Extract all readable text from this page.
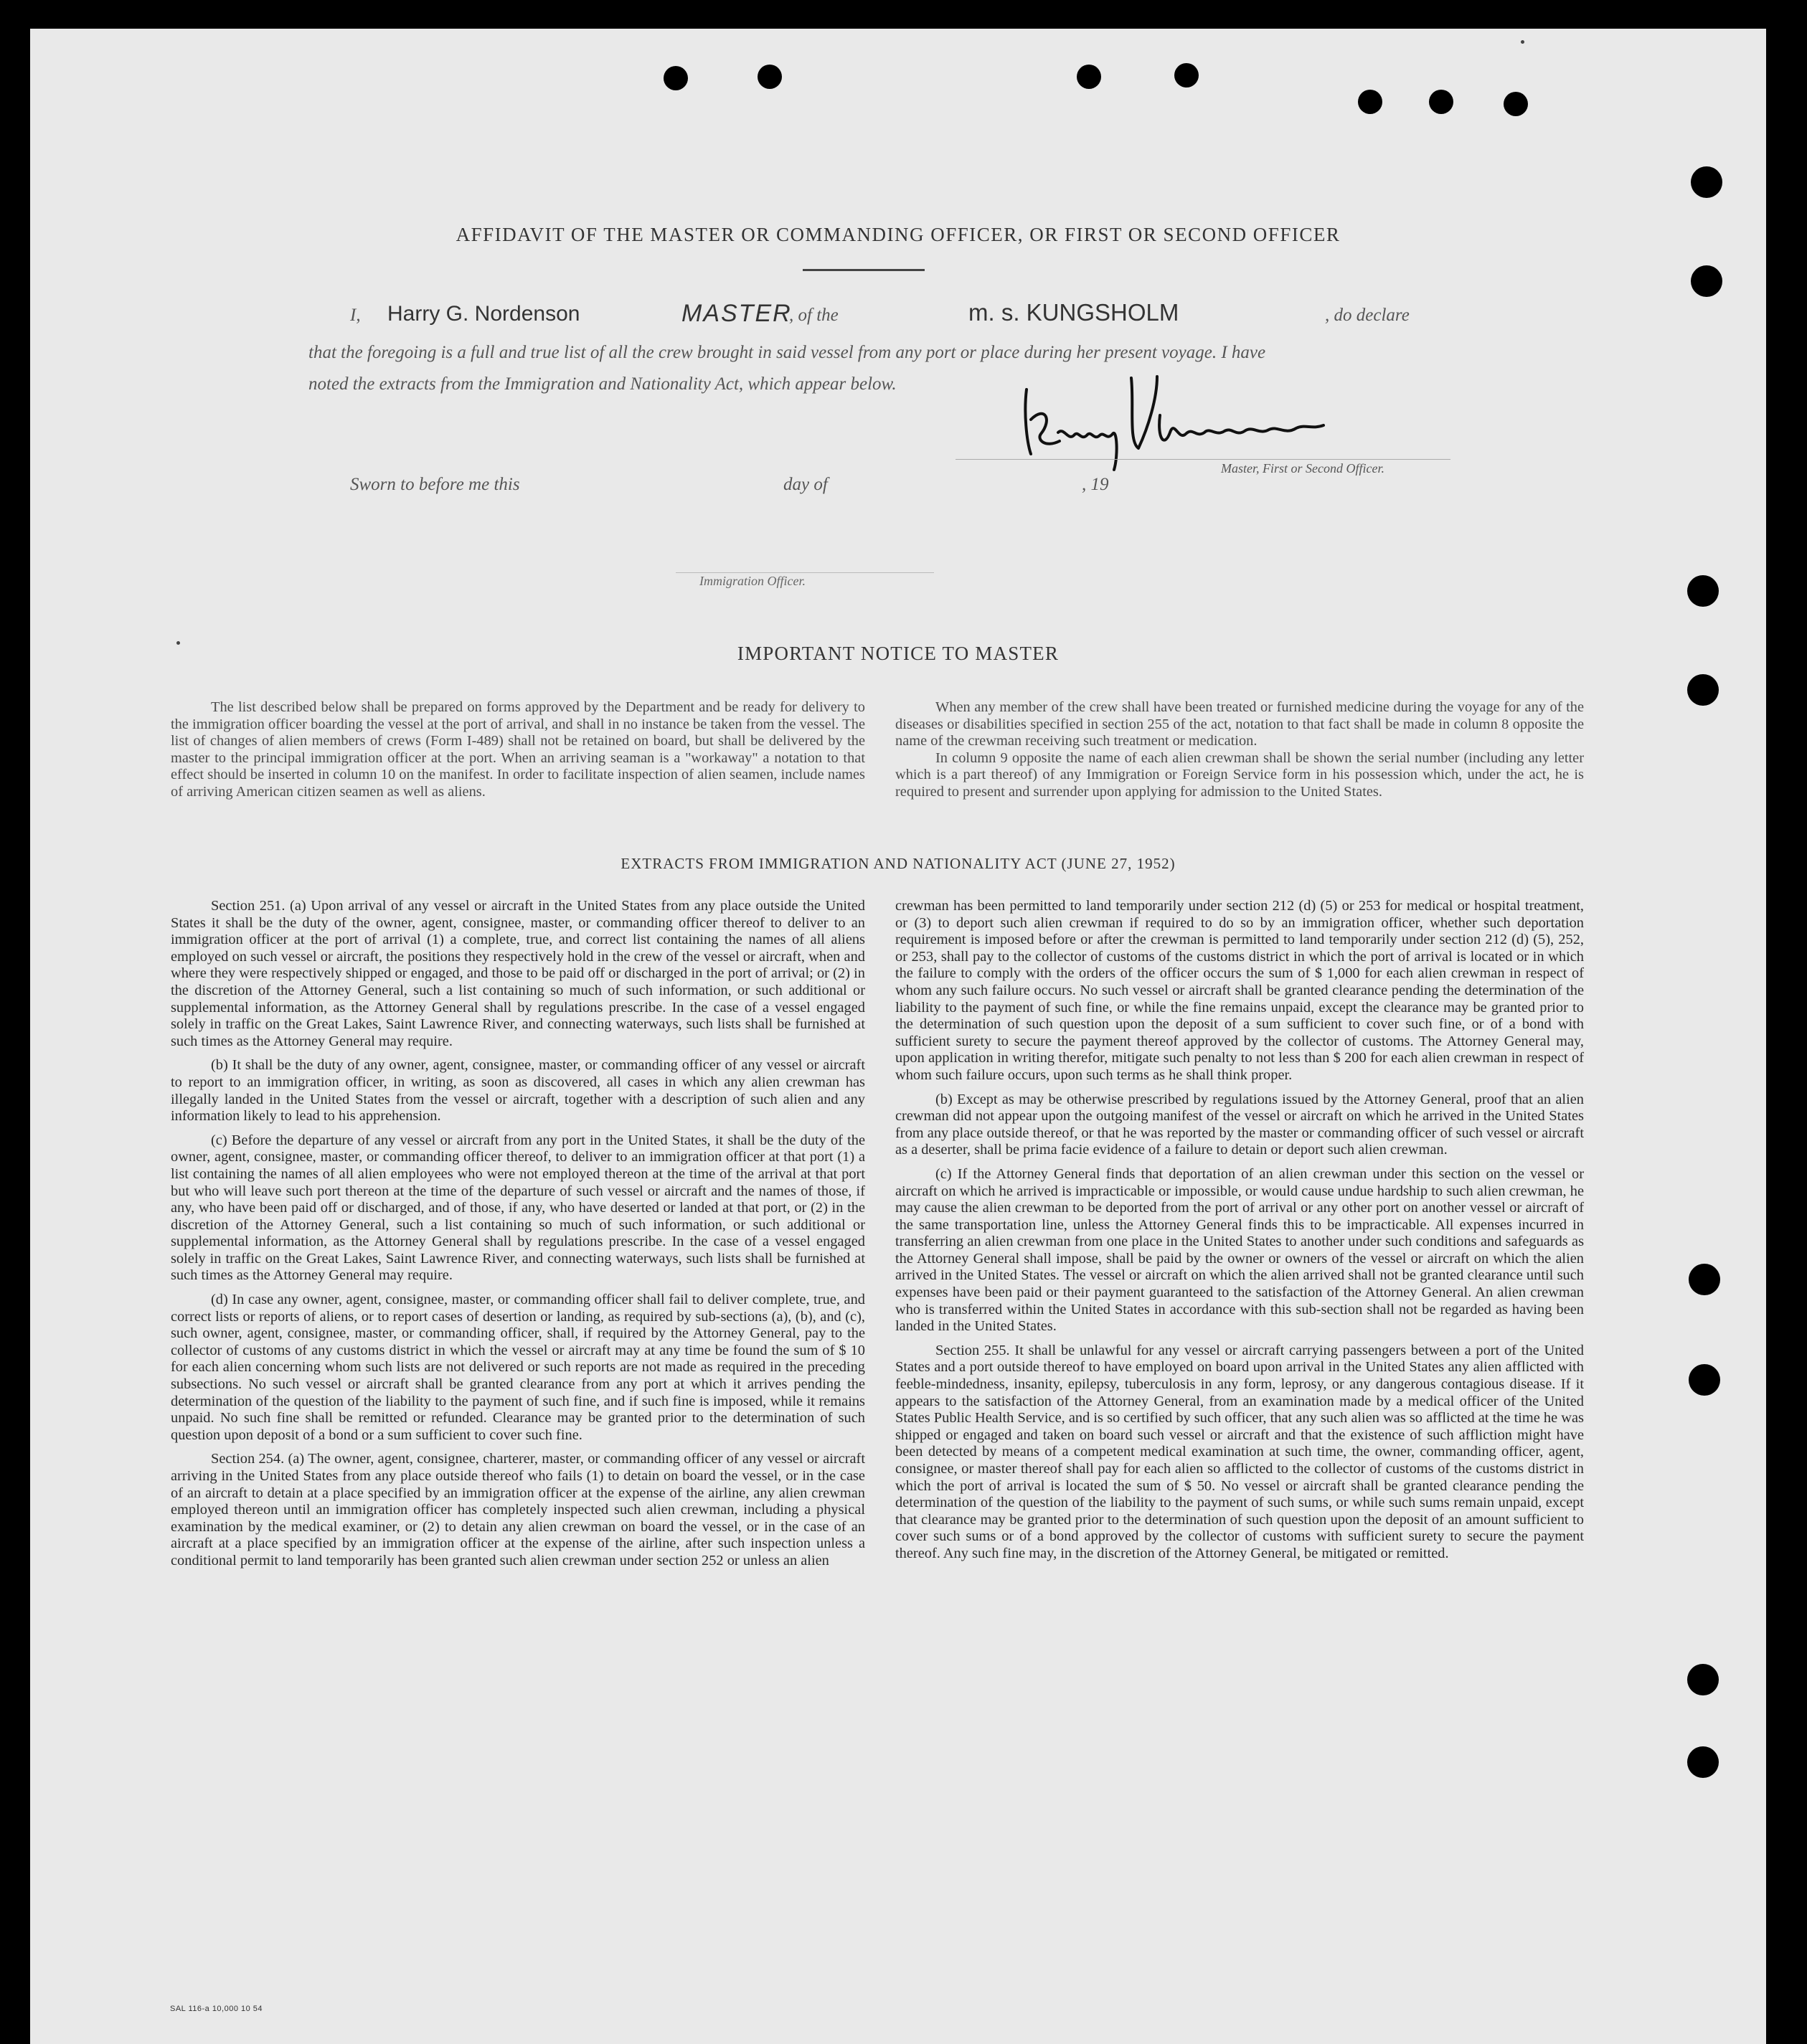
AFFIDAVIT OF THE MASTER OR COMMANDING OFFICER, OR FIRST OR SECOND OFFICER
I, Harry G. Nordenson	MASTER
, of the	m. s. KUNGSHOLM	, do declare
that the foregoing is a full and true list of all the crew brought in said vessel from any port or place during her present voyage. I have
noted the extracts from the Immigration and Nationality Act, which appear below.
Master, First or Second Officer.
Sworn to before me this	day of	, 19
Immigration Officer.
IMPORTANT NOTICE TO MASTER

The list described below shall be prepared on forms approved by the Department and be ready for delivery to the immigration officer boarding the vessel at the port of arrival, and shall in no instance be taken from the vessel. The list of changes of alien members of crews (Form I-489) shall not be retained on board, but shall be delivered by the master to the principal immigration officer at the port. When an arriving seaman is a "workaway" a notation to that effect should be inserted in column 10 on the manifest. In order to facilitate inspection of alien seamen, include names of arriving American citizen seamen as well as aliens.

When any member of the crew shall have been treated or furnished medicine during the voyage for any of the diseases or disabilities specified in section 255 of the act, notation to that fact shall be made in column 8 opposite the name of the crewman receiving such treatment or medication.

In column 9 opposite the name of each alien crewman shall be shown the serial number (including any letter which is a part thereof) of any Immigration or Foreign Service form in his possession which, under the act, he is required to present and surrender upon applying for admission to the United States.

EXTRACTS FROM IMMIGRATION AND NATIONALITY ACT (JUNE 27, 1952)

Section 251. (a) Upon arrival of any vessel or aircraft in the United States from any place outside the United States it shall be the duty of the owner, agent, consignee, master, or commanding officer thereof to deliver to an immigration officer at the port of arrival (1) a complete, true, and correct list containing the names of all aliens employed on such vessel or aircraft, the positions they respectively hold in the crew of the vessel or aircraft, when and where they were respectively shipped or engaged, and those to be paid off or discharged in the port of arrival; or (2) in the discretion of the Attorney General, such a list containing so much of such information, or such additional or supplemental information, as the Attorney General shall by regulations prescribe. In the case of a vessel engaged solely in traffic on the Great Lakes, Saint Lawrence River, and connecting waterways, such lists shall be furnished at such times as the Attorney General may require.

(b) It shall be the duty of any owner, agent, consignee, master, or commanding officer of any vessel or aircraft to report to an immigration officer, in writing, as soon as discovered, all cases in which any alien crewman has illegally landed in the United States from the vessel or aircraft, together with a description of such alien and any information likely to lead to his apprehension.

(c) Before the departure of any vessel or aircraft from any port in the United States, it shall be the duty of the owner, agent, consignee, master, or commanding officer thereof, to deliver to an immigration officer at that port (1) a list containing the names of all alien employees who were not employed thereon at the time of the arrival at that port but who will leave such port thereon at the time of the departure of such vessel or aircraft and the names of those, if any, who have been paid off or discharged, and of those, if any, who have deserted or landed at that port, or (2) in the discretion of the Attorney General, such a list containing so much of such information, or such additional or supplemental information, as the Attorney General shall by regulations prescribe. In the case of a vessel engaged solely in traffic on the Great Lakes, Saint Lawrence River, and connecting waterways, such lists shall be furnished at such times as the Attorney General may require.

(d) In case any owner, agent, consignee, master, or commanding officer shall fail to deliver complete, true, and correct lists or reports of aliens, or to report cases of desertion or landing, as required by sub-sections (a), (b), and (c), such owner, agent, consignee, master, or commanding officer, shall, if required by the Attorney General, pay to the collector of customs of any customs district in which the vessel or aircraft may at any time be found the sum of $ 10 for each alien concerning whom such lists are not delivered or such reports are not made as required in the preceding subsections. No such vessel or aircraft shall be granted clearance from any port at which it arrives pending the determination of the question of the liability to the payment of such fine, and if such fine is imposed, while it remains unpaid. No such fine shall be remitted or refunded. Clearance may be granted prior to the determination of such question upon deposit of a bond or a sum sufficient to cover such fine.

Section 254. (a) The owner, agent, consignee, charterer, master, or commanding officer of any vessel or aircraft arriving in the United States from any place outside thereof who fails (1) to detain on board the vessel, or in the case of an aircraft to detain at a place specified by an immigration officer at the expense of the airline, any alien crewman employed thereon until an immigration officer has completely inspected such alien crewman, including a physical examination by the medical examiner, or (2) to detain any alien crewman on board the vessel, or in the case of an aircraft at a place specified by an immigration officer at the expense of the airline, after such inspection unless a conditional permit to land temporarily has been granted such alien crewman under section 252 or unless an alien

crewman has been permitted to land temporarily under section 212 (d) (5) or 253 for medical or hospital treatment, or (3) to deport such alien crewman if required to do so by an immigration officer, whether such deportation requirement is imposed before or after the crewman is permitted to land temporarily under section 212 (d) (5), 252, or 253, shall pay to the collector of customs of the customs district in which the port of arrival is located or in which the failure to comply with the orders of the officer occurs the sum of $ 1,000 for each alien crewman in respect of whom any such failure occurs. No such vessel or aircraft shall be granted clearance pending the determination of the liability to the payment of such fine, or while the fine remains unpaid, except the clearance may be granted prior to the determination of such question upon the deposit of a sum sufficient to cover such fine, or of a bond with sufficient surety to secure the payment thereof approved by the collector of customs. The Attorney General may, upon application in writing therefor, mitigate such penalty to not less than $ 200 for each alien crewman in respect of whom such failure occurs, upon such terms as he shall think proper.

(b) Except as may be otherwise prescribed by regulations issued by the Attorney General, proof that an alien crewman did not appear upon the outgoing manifest of the vessel or aircraft on which he arrived in the United States from any place outside thereof, or that he was reported by the master or commanding officer of such vessel or aircraft as a deserter, shall be prima facie evidence of a failure to detain or deport such alien crewman.

(c) If the Attorney General finds that deportation of an alien crewman under this section on the vessel or aircraft on which he arrived is impracticable or impossible, or would cause undue hardship to such alien crewman, he may cause the alien crewman to be deported from the port of arrival or any other port on another vessel or aircraft of the same transportation line, unless the Attorney General finds this to be impracticable. All expenses incurred in transferring an alien crewman from one place in the United States to another under such conditions and safeguards as the Attorney General shall impose, shall be paid by the owner or owners of the vessel or aircraft on which the alien arrived in the United States. The vessel or aircraft on which the alien arrived shall not be granted clearance until such expenses have been paid or their payment guaranteed to the satisfaction of the Attorney General. An alien crewman who is transferred within the United States in accordance with this sub-section shall not be regarded as having been landed in the United States.

Section 255. It shall be unlawful for any vessel or aircraft carrying passengers between a port of the United States and a port outside thereof to have employed on board upon arrival in the United States any alien afflicted with feeble-mindedness, insanity, epilepsy, tuberculosis in any form, leprosy, or any dangerous contagious disease. If it appears to the satisfaction of the Attorney General, from an examination made by a medical officer of the United States Public Health Service, and is so certified by such officer, that any such alien was so afflicted at the time he was shipped or engaged and taken on board such vessel or aircraft and that the existence of such affliction might have been detected by means of a competent medical examination at such time, the owner, commanding officer, agent, consignee, or master thereof shall pay for each alien so afflicted to the collector of customs of the customs district in which the port of arrival is located the sum of $ 50. No vessel or aircraft shall be granted clearance pending the determination of the question of the liability to the payment of such sums, or while such sums remain unpaid, except that clearance may be granted prior to the determination of such question upon the deposit of an amount sufficient to cover such sums or of a bond approved by the collector of customs with sufficient surety to secure the payment thereof. Any such fine may, in the discretion of the Attorney General, be mitigated or remitted.

SAL 116-a 10,000 10 54
